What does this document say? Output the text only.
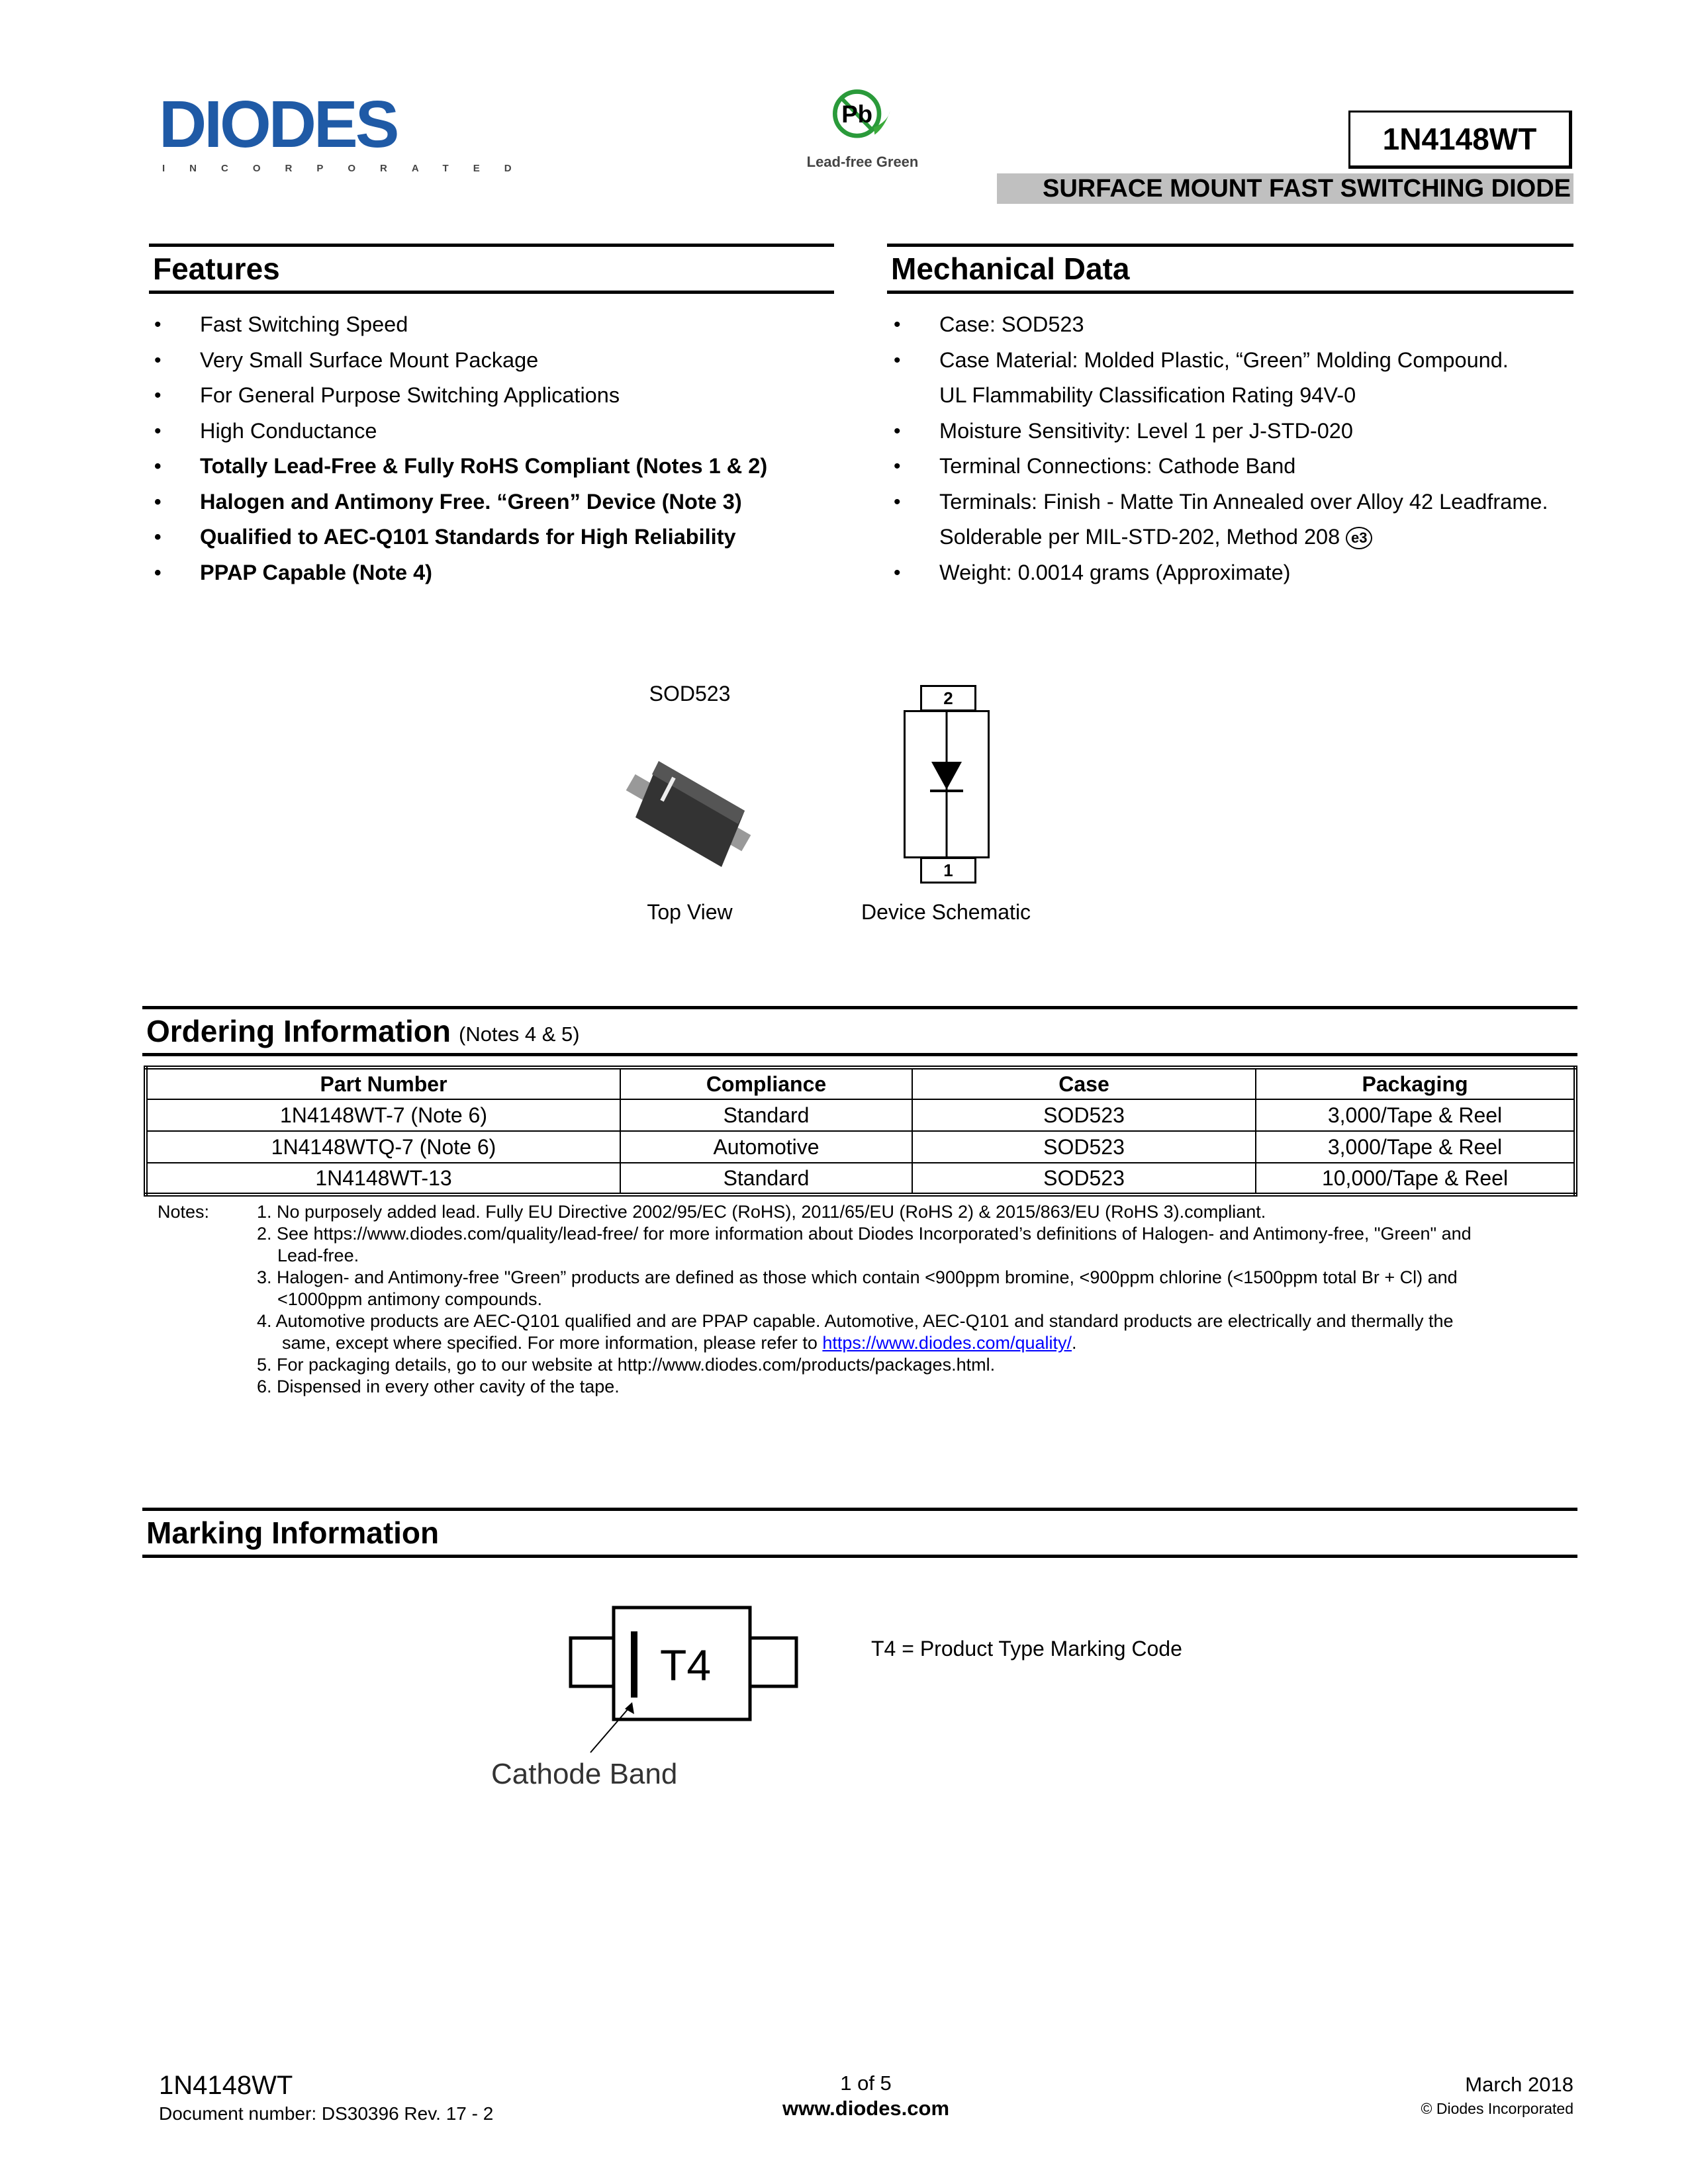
DIODES
INCORPORATED
Pb
Lead-free Green
1N4148WT
SURFACE MOUNT FAST SWITCHING DIODE
Features
• Fast Switching Speed
• Very Small Surface Mount Package
• For General Purpose Switching Applications
• High Conductance
• Totally Lead-Free & Fully RoHS Compliant (Notes 1 & 2)
• Halogen and Antimony Free. “Green” Device (Note 3)
• Qualified to AEC-Q101 Standards for High Reliability
• PPAP Capable (Note 4)
Mechanical Data
• Case: SOD523
• Case Material: Molded Plastic, “Green” Molding Compound.
UL Flammability Classification Rating 94V-0
• Moisture Sensitivity: Level 1 per J-STD-020
• Terminal Connections: Cathode Band
• Terminals: Finish - Matte Tin Annealed over Alloy 42 Leadframe.
Solderable per MIL-STD-202, Method 208 e3
• Weight: 0.0014 grams (Approximate)
SOD523
Top View
2
1
Device Schematic
Ordering Information (Notes 4 & 5)
Part Number	Compliance	Case	Packaging
1N4148WT-7 (Note 6)	Standard	SOD523	3,000/Tape & Reel
1N4148WTQ-7 (Note 6)	Automotive	SOD523	3,000/Tape & Reel
1N4148WT-13	Standard	SOD523	10,000/Tape & Reel
Notes:	1. No purposely added lead. Fully EU Directive 2002/95/EC (RoHS), 2011/65/EU (RoHS 2) & 2015/863/EU (RoHS 3).compliant.
2. See https://www.diodes.com/quality/lead-free/ for more information about Diodes Incorporated’s definitions of Halogen- and Antimony-free, "Green" and
Lead-free.
3. Halogen- and Antimony-free "Green” products are defined as those which contain <900ppm bromine, <900ppm chlorine (<1500ppm total Br + Cl) and
<1000ppm antimony compounds.
4. Automotive products are AEC-Q101 qualified and are PPAP capable. Automotive, AEC-Q101 and standard products are electrically and thermally the
same, except where specified. For more information, please refer to https://www.diodes.com/quality/.
5. For packaging details, go to our website at http://www.diodes.com/products/packages.html.
6. Dispensed in every other cavity of the tape.
Marking Information
T4
Cathode Band
T4 = Product Type Marking Code
1N4148WT
Document number: DS30396 Rev. 17 - 2
1 of 5
www.diodes.com
March 2018
© Diodes Incorporated
